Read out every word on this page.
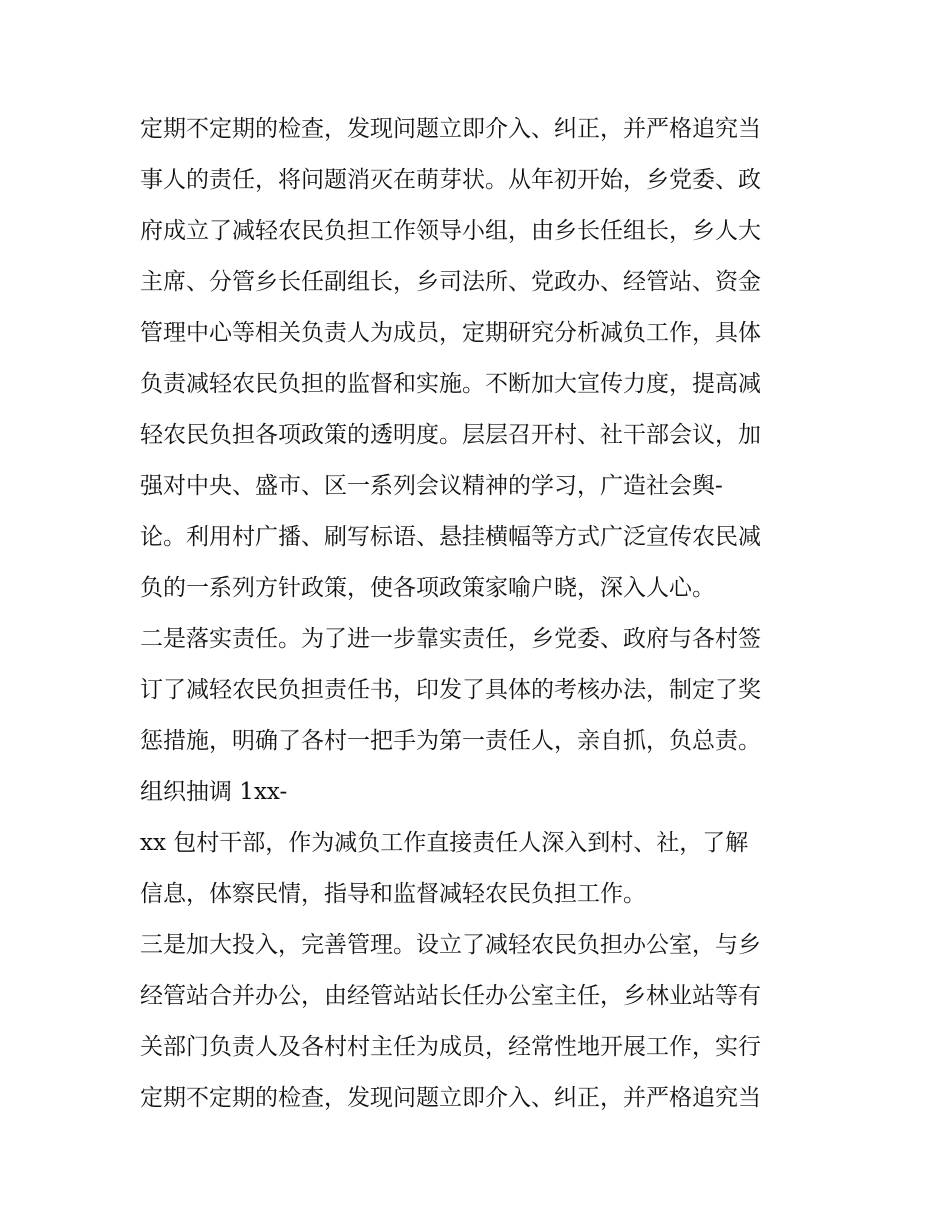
定期不定期的检查，发现问题立即介入、纠正，并严格追究当
事人的责任，将问题消灭在萌芽状。从年初开始，乡党委、政
府成立了减轻农民负担工作领导小组，由乡长任组长，乡人大
主席、分管乡长任副组长，乡司法所、党政办、经管站、资金
管理中心等相关负责人为成员，定期研究分析减负工作，具体
负责减轻农民负担的监督和实施。不断加大宣传力度，提高减
轻农民负担各项政策的透明度。层层召开村、社干部会议，加
强对中央、盛市、区一系列会议精神的学习，广造社会舆-
论。利用村广播、刷写标语、悬挂横幅等方式广泛宣传农民减
负的一系列方针政策，使各项政策家喻户晓，深入人心。
二是落实责任。为了进一步靠实责任，乡党委、政府与各村签
订了减轻农民负担责任书，印发了具体的考核办法，制定了奖
惩措施，明确了各村一把手为第一责任人，亲自抓，负总责。
组织抽调 1xx-
xx 包村干部，作为减负工作直接责任人深入到村、社，了解
信息，体察民情，指导和监督减轻农民负担工作。
三是加大投入，完善管理。设立了减轻农民负担办公室，与乡
经管站合并办公，由经管站站长任办公室主任，乡林业站等有
关部门负责人及各村村主任为成员，经常性地开展工作，实行
定期不定期的检查，发现问题立即介入、纠正，并严格追究当
